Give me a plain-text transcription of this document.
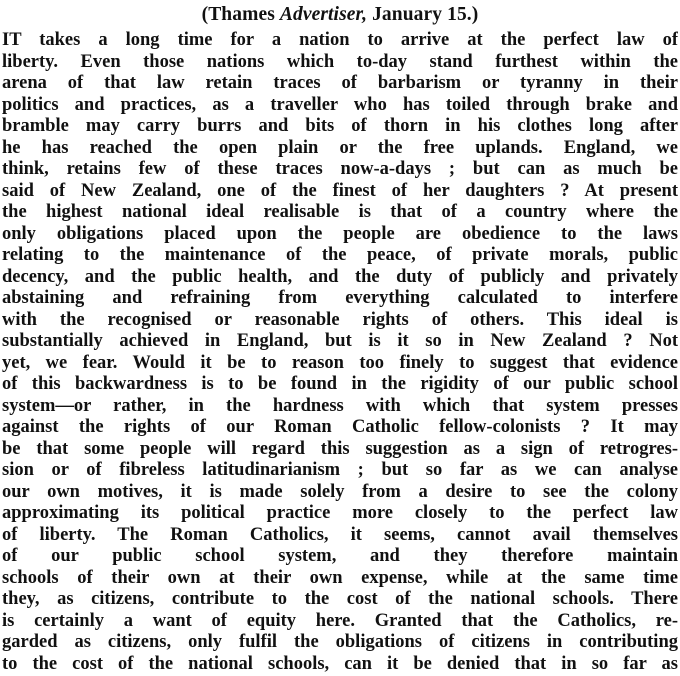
(Thames Advertiser, January 15.)
IT takes a long time for a nation to arrive at the perfect law of
liberty. Even those nations which to-day stand furthest within the
arena of that law retain traces of barbarism or tyranny in their
politics and practices, as a traveller who has toiled through brake and
bramble may carry burrs and bits of thorn in his clothes long after
he has reached the open plain or the free uplands. England, we
think, retains few of these traces now-a-days ; but can as much be
said of New Zealand, one of the finest of her daughters ? At present
the highest national ideal realisable is that of a country where the
only obligations placed upon the people are obedience to the laws
relating to the maintenance of the peace, of private morals, public
decency, and the public health, and the duty of publicly and privately
abstaining and refraining from everything calculated to interfere
with the recognised or reasonable rights of others. This ideal is
substantially achieved in England, but is it so in New Zealand ? Not
yet, we fear. Would it be to reason too finely to suggest that evidence
of this backwardness is to be found in the rigidity of our public school
system—or rather, in the hardness with which that system presses
against the rights of our Roman Catholic fellow-colonists ? It may
be that some people will regard this suggestion as a sign of retrogres-
sion or of fibreless latitudinarianism ; but so far as we can analyse
our own motives, it is made solely from a desire to see the colony
approximating its political practice more closely to the perfect law
of liberty. The Roman Catholics, it seems, cannot avail themselves
of our public school system, and they therefore maintain
schools of their own at their own expense, while at the same time
they, as citizens, contribute to the cost of the national schools. There
is certainly a want of equity here. Granted that the Catholics, re-
garded as citizens, only fulfil the obligations of citizens in contributing
to the cost of the national schools, can it be denied that in so far as
